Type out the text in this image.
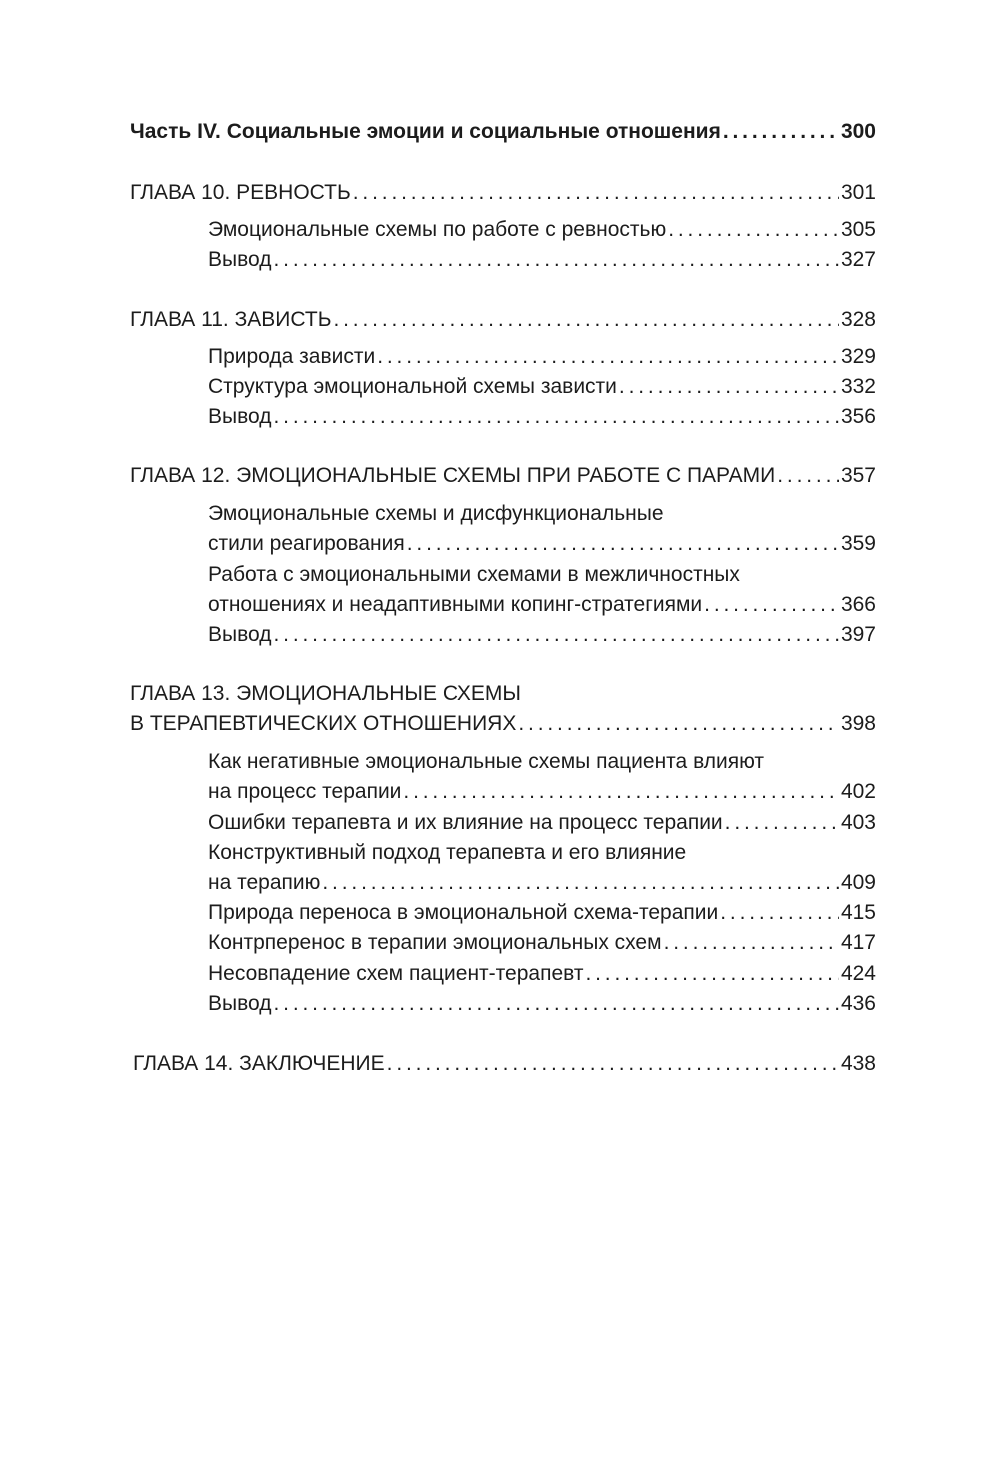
Часть IV. Социальные эмоции и социальные отношения . . .	300
ГЛАВА 10. РЕВНОСТЬ . . .	301
Эмоциональные схемы по работе с ревностью . . .	305
Вывод . . .	327
ГЛАВА 11. ЗАВИСТЬ . . .	328
Природа зависти . . .	329
Структура эмоциональной схемы зависти . . .	332
Вывод . . .	356
ГЛАВА 12. ЭМОЦИОНАЛЬНЫЕ СХЕМЫ ПРИ РАБОТЕ С ПАРАМИ . . .	357
Эмоциональные схемы и дисфункциональные
стили реагирования . . .	359
Работа с эмоциональными схемами в межличностных
отношениях и неадаптивными копинг-стратегиями . . .	366
Вывод . . .	397
ГЛАВА 13. ЭМОЦИОНАЛЬНЫЕ СХЕМЫ
В ТЕРАПЕВТИЧЕСКИХ ОТНОШЕНИЯХ . . .	398
Как негативные эмоциональные схемы пациента влияют
на процесс терапии . . .	402
Ошибки терапевта и их влияние на процесс терапии . . .	403
Конструктивный подход терапевта и его влияние
на терапию . . .	409
Природа переноса в эмоциональной схема-терапии . . .	415
Контрперенос в терапии эмоциональных схем . . .	417
Несовпадение схем пациент-терапевт . . .	424
Вывод . . .	436
ГЛАВА 14. ЗАКЛЮЧЕНИЕ . . .	438
